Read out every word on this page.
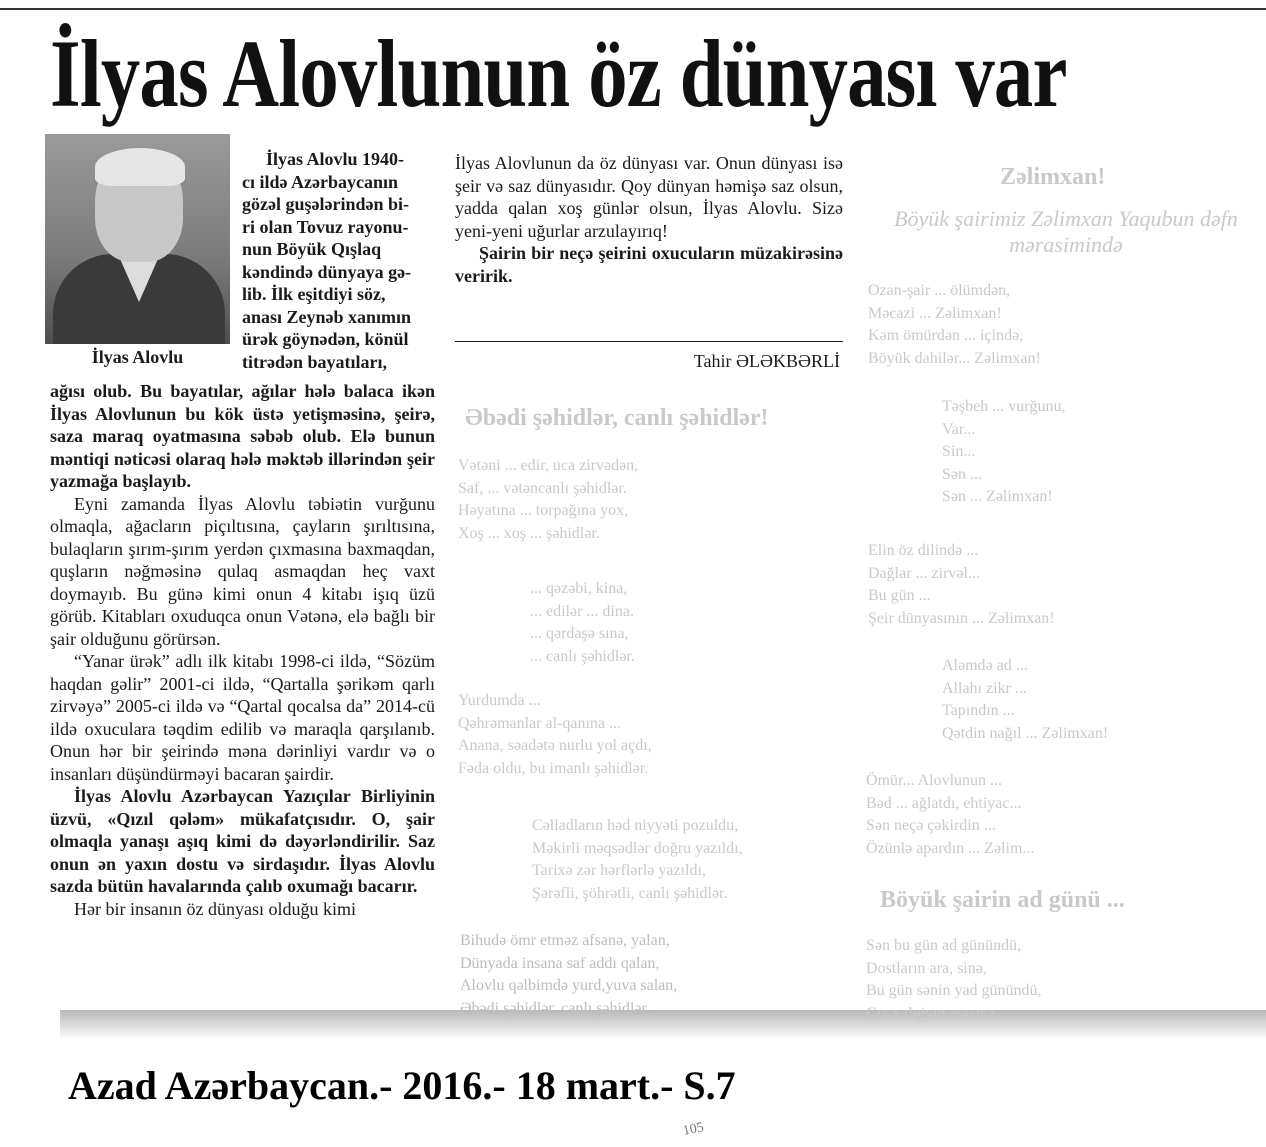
İlyas Alovlunun öz dünyası var
İlyas Alovlu
İlyas Alovlu 1940-
cı ildə Azərbaycanın
gözəl guşələrindən bi-
ri olan Tovuz rayonu-
nun Böyük Qışlaq
kəndində dünyaya gə-
lib. İlk eşitdiyi söz,
anası Zeynəb xanımın
ürək göynədən, könül
titrədən bayatıları,

ağısı olub. Bu bayatılar, ağılar hələ balaca ikən İlyas Alovlunun bu kök üstə yetişməsinə, şeirə, saza maraq oyatmasına səbəb olub. Elə bunun məntiqi nəticəsi olaraq hələ məktəb illərindən şeir yazmağa başlayıb.

Eyni zamanda İlyas Alovlu təbiətin vurğunu olmaqla, ağacların piçıltısına, çayların şırıltısına, bulaqların şırım-şırım yerdən çıxmasına baxmaqdan, quşların nəğməsinə qulaq asmaqdan heç vaxt doymayıb. Bu günə kimi onun 4 kitabı işıq üzü görüb. Kitabları oxuduqca onun Vətənə, elə bağlı bir şair olduğunu görürsən.

“Yanar ürək” adlı ilk kitabı 1998-ci ildə, “Sözüm haqdan gəlir” 2001-ci ildə, “Qartalla şərikəm qarlı zirvəyə” 2005-ci ildə və “Qartal qocalsa da” 2014-cü ildə oxuculara təqdim edilib və maraqla qarşılanıb. Onun hər bir şeirində məna dərinliyi vardır və o insanları düşündürməyi bacaran şairdir.

İlyas Alovlu Azərbaycan Yazıçılar Birliyinin üzvü, «Qızıl qələm» mükafatçısıdır. O, şair olmaqla yanaşı aşıq kimi də dəyərləndirilir. Saz onun ən yaxın dostu və sirdaşıdır. İlyas Alovlu sazda bütün havalarında çalıb oxumağı bacarır.

Hər bir insanın öz dünyası olduğu kimi

İlyas Alovlunun da öz dünyası var. Onun dünyası isə şeir və saz dünyasıdır. Qoy dünyan həmişə saz olsun, yadda qalan xoş günlər olsun, İlyas Alovlu. Sizə yeni-yeni uğurlar arzulayırıq!

Şairin bir neçə şeirini oxucuların müzakirəsinə veririk.

Tahir ƏLƏKBƏRLİ
Əbədi şəhidlər, canlı şəhidlər!
Vətəni ... edir, uca zirvədən,
Saf, ... vətəncanlı şəhidlər.
Həyatına ... torpağına yox,
Xoş ... xoş ... şəhidlər.
... qəzəbi, kina,
... edilər ... dina.
... qərdaşə sına,
... canlı şəhidlər.
Yurdumda ...
Qəhrəmanlar al-qanına ...
Anana, səadətə nurlu yol açdı,
Fəda oldu, bu imanlı şəhidlər.
Cəlladların həd niyyəti pozuldu,
Məkirli məqsədlər doğru yazıldı,
Tarixə zər hərflərlə yazıldı,
Şərəfli, şöhrətli, canlı şəhidlər.
Bihudə ömr etməz afsanə, yalan,
Dünyada insana saf addı qalan,
Alovlu qəlbimdə yurd,yuva salan,
Əbədi şəhidlər, canlı şəhidlər.
Zəlimxan!
Böyük şairimiz Zəlimxan Yaqubun dəfn mərasimində
Ozan-şair ... ölümdən,
Məcazi ... Zəlimxan!
Kəm ömürdən ... içində,
Böyük dahilər... Zəlimxan!
Təşbeh ... vurğunu,
Var...
Sin...
Sən ...
Sən ... Zəlimxan!
Elin öz dilində ...
Dağlar ... zirvəl...
Bu gün ...
Şeir dünyasının ... Zəlimxan!
Aləmdə ad ...
Allahı zikr ...
Tapındın ...
Qətdin nağıl ... Zəlimxan!
Ömür... Alovlunun ...
Bəd ... ağlatdı, ehtiyac...
Sən neçə çəkirdin ...
Özünlə apardın ... Zəlim...
Böyük şairin ad günü ...
Sən bu gün ad günündü,
Dostların ara, sinə,
Bu gün sənin yad günündü,
Çıx xalqiyın arasına.
Azad Azərbaycan.- 2016.- 18 mart.- S.7
105
